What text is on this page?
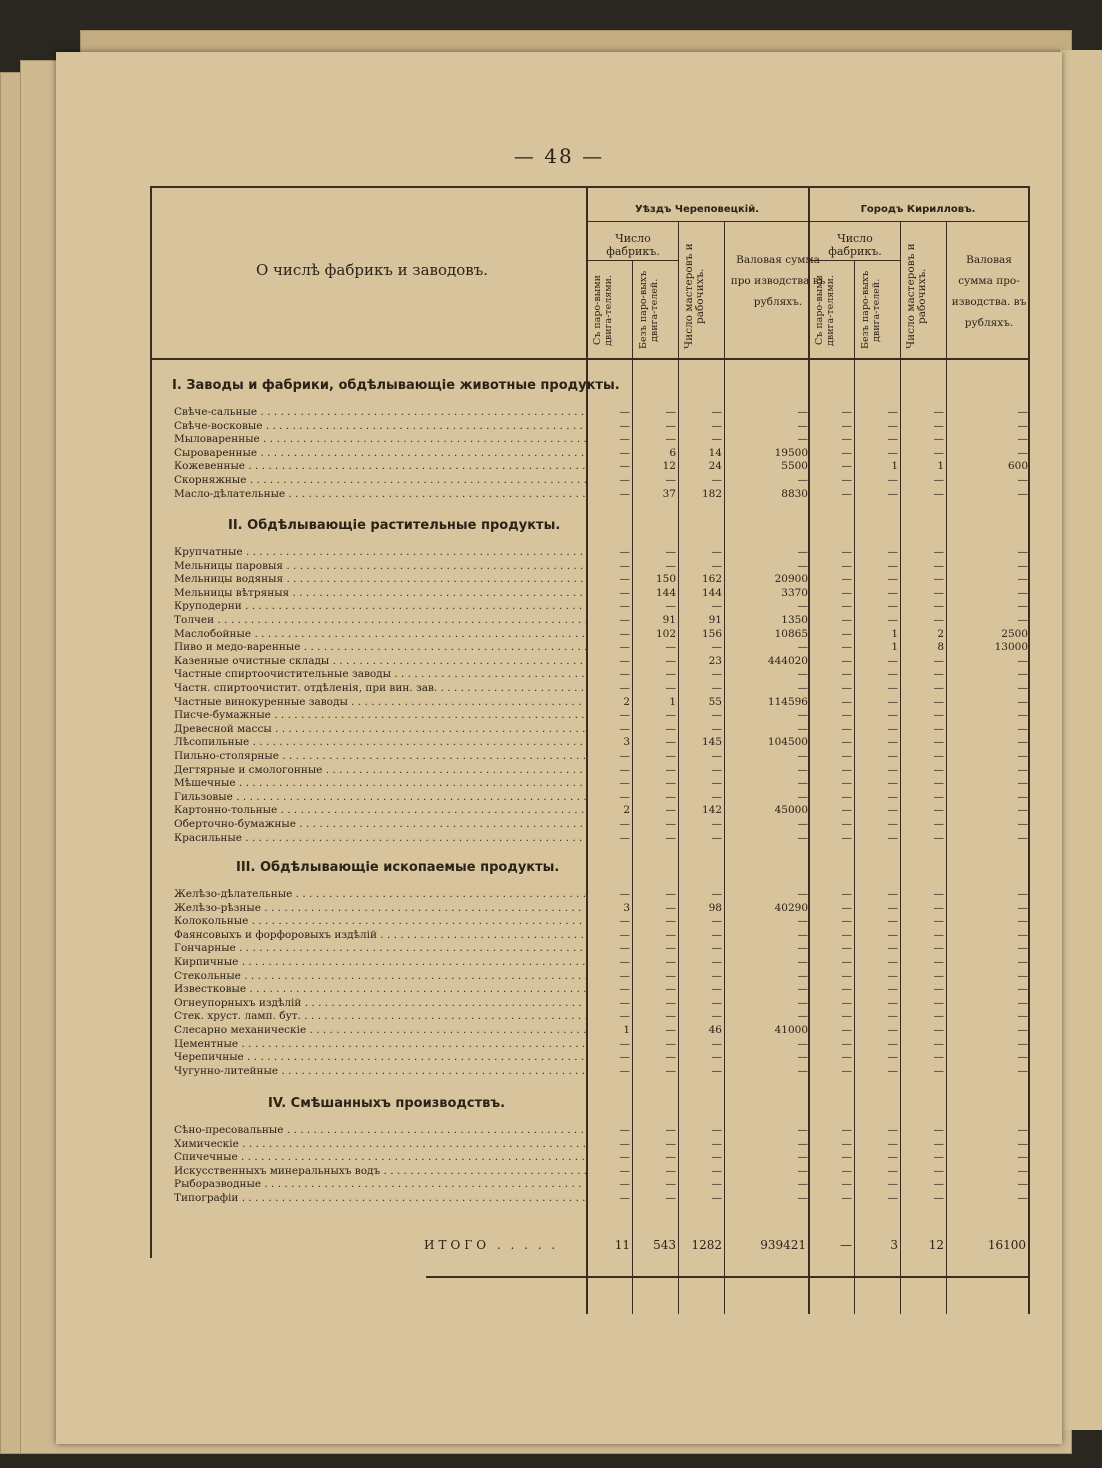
— 48 —
О числѣ фабрикъ и заводовъ.
Уѣздъ Череповецкій.	Городъ Кирилловъ.
Число фабрикъ.
Съ паро-выми двига-телями.	Безъ паро-выхъ двига-телей.	Число мастеровъ и рабочихъ.
Валовая сумма про изводства въ рубляхъ.
Число фабрикъ.
Съ паро-выми двига-телями.	Безъ паро-выхъ двига-телей.	Число мастеровъ и рабочихъ.
Валовая сумма про-изводства. въ рубляхъ.
I. Заводы и фабрики, обдѣлывающіе животные продукты.
Свѣче-сальные . . .	—	—	—	—	—	—	—	—
Свѣче-восковые . . .	—	—	—	—	—	—	—	—
Мыловаренные . . .	—	—	—	—	—	—	—	—
Сыроваренные . . .	—	6	14	19500	—	—	—	—
Кожевенные . . .	—	12	24	5500	—	1	1	600
Скорняжные . . .	—	—	—	—	—	—	—	—
Масло-дѣлательные . . .	—	37	182	8830	—	—	—	—
II. Обдѣлывающіе растительные продукты.
Крупчатные . . .	—	—	—	—	—	—	—	—
Мельницы паровыя . . .	—	—	—	—	—	—	—	—
Мельницы водяныя . . .	—	150	162	20900	—	—	—	—
Мельницы вѣтряныя . . .	—	144	144	3370	—	—	—	—
Круподерни . . .	—	—	—	—	—	—	—	—
Толчеи . . .	—	91	91	1350	—	—	—	—
Маслобойные . . .	—	102	156	10865	—	1	2	2500
Пиво и медо-варенные . . .	—	—	—	—	—	1	8	13000
Казенные очистные склады . . .	—	—	23	444020	—	—	—	—
Частные спиртоочистительные заводы . . .	—	—	—	—	—	—	—	—
Частн. спиртоочистит. отдѣленія, при вин. зав. . . .	—	—	—	—	—	—	—	—
Частные винокуренные заводы . . .	2	1	55	114596	—	—	—	—
Писче-бумажные . . .	—	—	—	—	—	—	—	—
Древесной массы . . .	—	—	—	—	—	—	—	—
Лѣсопильные . . .	3	—	145	104500	—	—	—	—
Пильно-столярные . . .	—	—	—	—	—	—	—	—
Дегтярные и смологонные . . .	—	—	—	—	—	—	—	—
Мѣшечные . . .	—	—	—	—	—	—	—	—
Гильзовые . . .	—	—	—	—	—	—	—	—
Картонно-тольные . . .	2	—	142	45000	—	—	—	—
Оберточно-бумажные . . .	—	—	—	—	—	—	—	—
Красильные . . .	—	—	—	—	—	—	—	—
III. Обдѣлывающіе ископаемые продукты.
Желѣзо-дѣлательные . . .	—	—	—	—	—	—	—	—
Желѣзо-рѣзные . . .	3	—	98	40290	—	—	—	—
Колокольные . . .	—	—	—	—	—	—	—	—
Фаянсовыхъ и форфоровыхъ издѣлій . . .	—	—	—	—	—	—	—	—
Гончарные . . .	—	—	—	—	—	—	—	—
Кирпичные . . .	—	—	—	—	—	—	—	—
Стекольные . . .	—	—	—	—	—	—	—	—
Известковые . . .	—	—	—	—	—	—	—	—
Огнеупорныхъ издѣлій . . .	—	—	—	—	—	—	—	—
Стек. хруст. ламп. бут. . . .	—	—	—	—	—	—	—	—
Слесарно механическіе . . .	1	—	46	41000	—	—	—	—
Цементные . . .	—	—	—	—	—	—	—	—
Черепичные . . .	—	—	—	—	—	—	—	—
Чугунно-литейные . . .	—	—	—	—	—	—	—	—
IV. Смѣшанныхъ производствъ.
Сѣно-пресовальные . . .	—	—	—	—	—	—	—	—
Химическіе . . .	—	—	—	—	—	—	—	—
Спичечные . . .	—	—	—	—	—	—	—	—
Искусственныхъ минеральныхъ водъ . . .	—	—	—	—	—	—	—	—
Рыборазводные . . .	—	—	—	—	—	—	—	—
Типографіи . . .	—	—	—	—	—	—	—	—
ИТОГО . . . . .	11	543	1282	939421	—	3	12	16100
